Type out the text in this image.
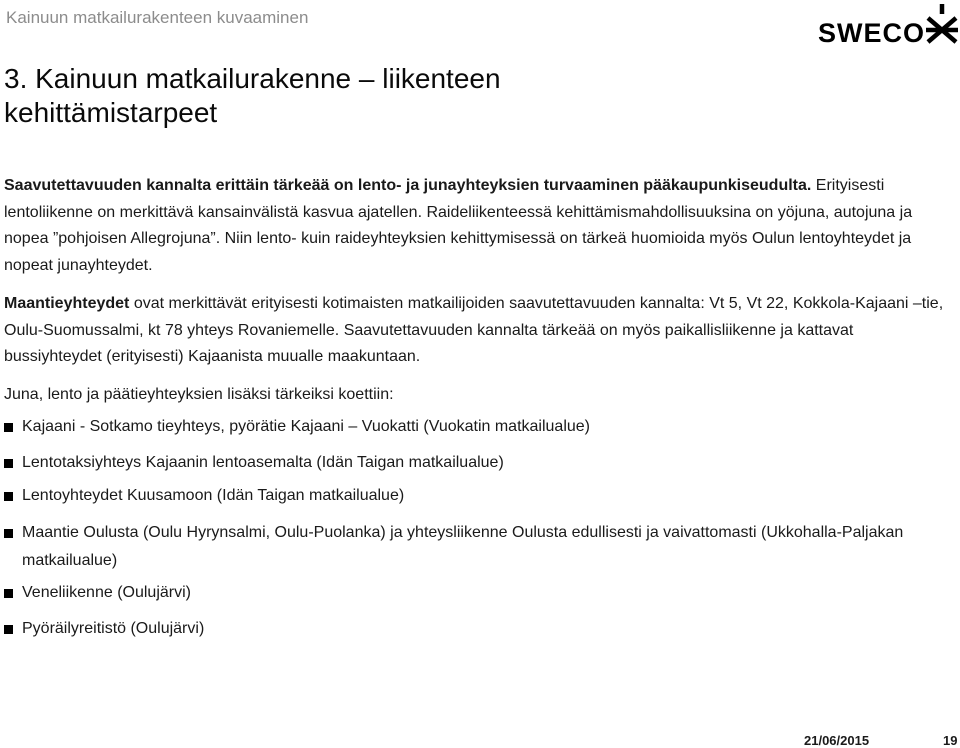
Kainuun matkailurakenteen kuvaaminen
SWECO
3. Kainuun matkailurakenne – liikenteen kehittämistarpeet

Saavutettavuuden kannalta erittäin tärkeää on lento- ja junayhteyksien turvaaminen pääkaupunkiseudulta. Erityisesti lentoliikenne on merkittävä kansainvälistä kasvua ajatellen. Raideliikenteessä kehittämismahdollisuuksina on yöjuna, autojuna ja nopea ”pohjoisen Allegrojuna”. Niin lento- kuin raideyhteyksien kehittymisessä on tärkeä huomioida myös Oulun lentoyhteydet ja nopeat junayhteydet.

Maantieyhteydet ovat merkittävät erityisesti kotimaisten matkailijoiden saavutettavuuden kannalta: Vt 5, Vt 22, Kokkola-Kajaani –tie, Oulu-Suomussalmi, kt 78 yhteys Rovaniemelle. Saavutettavuuden kannalta tärkeää on myös paikallisliikenne ja kattavat bussiyhteydet (erityisesti) Kajaanista muualle maakuntaan.

Juna, lento ja päätieyhteyksien lisäksi tärkeiksi koettiin:

Kajaani - Sotkamo tieyhteys, pyörätie Kajaani – Vuokatti (Vuokatin matkailualue)
Lentotaksiyhteys Kajaanin lentoasemalta (Idän Taigan matkailualue)
Lentoyhteydet Kuusamoon (Idän Taigan matkailualue)
Maantie Oulusta (Oulu Hyrynsalmi, Oulu-Puolanka) ja yhteysliikenne Oulusta edullisesti ja vaivattomasti (Ukkohalla-Paljakan matkailualue)
Veneliikenne (Oulujärvi)
Pyöräilyreitistö (Oulujärvi)
21/06/2015	19
